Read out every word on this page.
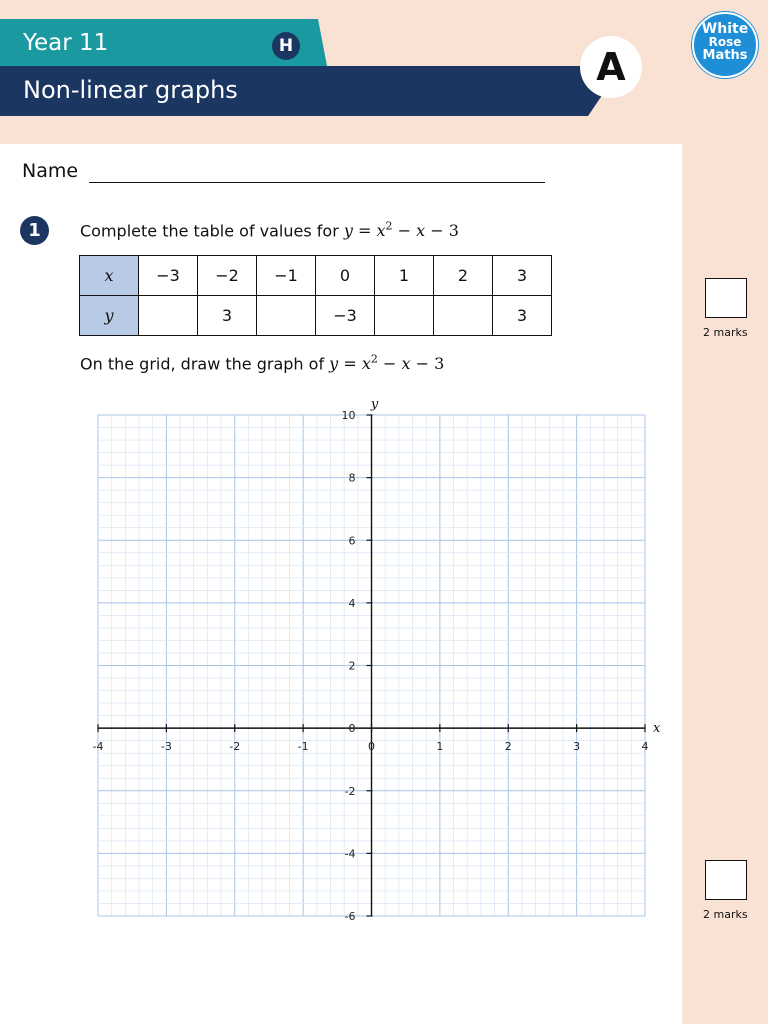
Year 11	H
Non-linear graphs
A
White
Rose
Maths
Name
1	Complete the table of values for $y = x^2 - x - 3$
x	−3	−2	−1	0	1	2	3
y		3		−3			3
On the grid, draw the graph of $y = x^2 - x - 3$
2 marks
2 marks
-4	-3	-2	-1	0	1	2	3	4
-6
-4
-2
0
2
4
6
8
10
x
y
